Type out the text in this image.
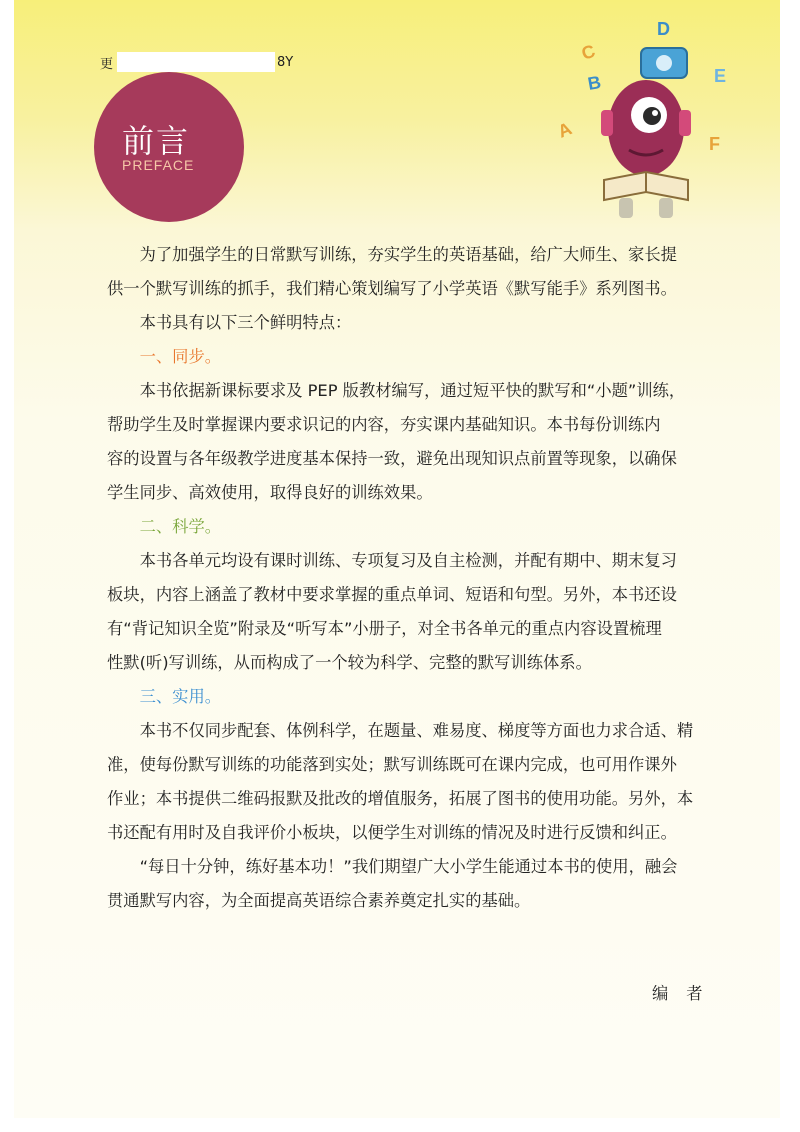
更	8Y
前言
PREFACE
C
D
B	E
A
F

为了加强学生的日常默写训练，夯实学生的英语基础，给广大师生、家长提
供一个默写训练的抓手，我们精心策划编写了小学英语《默写能手》系列图书。

本书具有以下三个鲜明特点：

一、同步。

本书依据新课标要求及 PEP 版教材编写，通过短平快的默写和“小题”训练，
帮助学生及时掌握课内要求识记的内容，夯实课内基础知识。本书每份训练内
容的设置与各年级教学进度基本保持一致，避免出现知识点前置等现象，以确保
学生同步、高效使用，取得良好的训练效果。

二、科学。

本书各单元均设有课时训练、专项复习及自主检测，并配有期中、期末复习
板块，内容上涵盖了教材中要求掌握的重点单词、短语和句型。另外，本书还设
有“背记知识全览”附录及“听写本”小册子，对全书各单元的重点内容设置梳理
性默(听)写训练，从而构成了一个较为科学、完整的默写训练体系。

三、实用。

本书不仅同步配套、体例科学，在题量、难易度、梯度等方面也力求合适、精
准，使每份默写训练的功能落到实处；默写训练既可在课内完成，也可用作课外
作业；本书提供二维码报默及批改的增值服务，拓展了图书的使用功能。另外，本
书还配有用时及自我评价小板块，以便学生对训练的情况及时进行反馈和纠正。

“每日十分钟，练好基本功！”我们期望广大小学生能通过本书的使用，融会
贯通默写内容，为全面提高英语综合素养奠定扎实的基础。

编者
